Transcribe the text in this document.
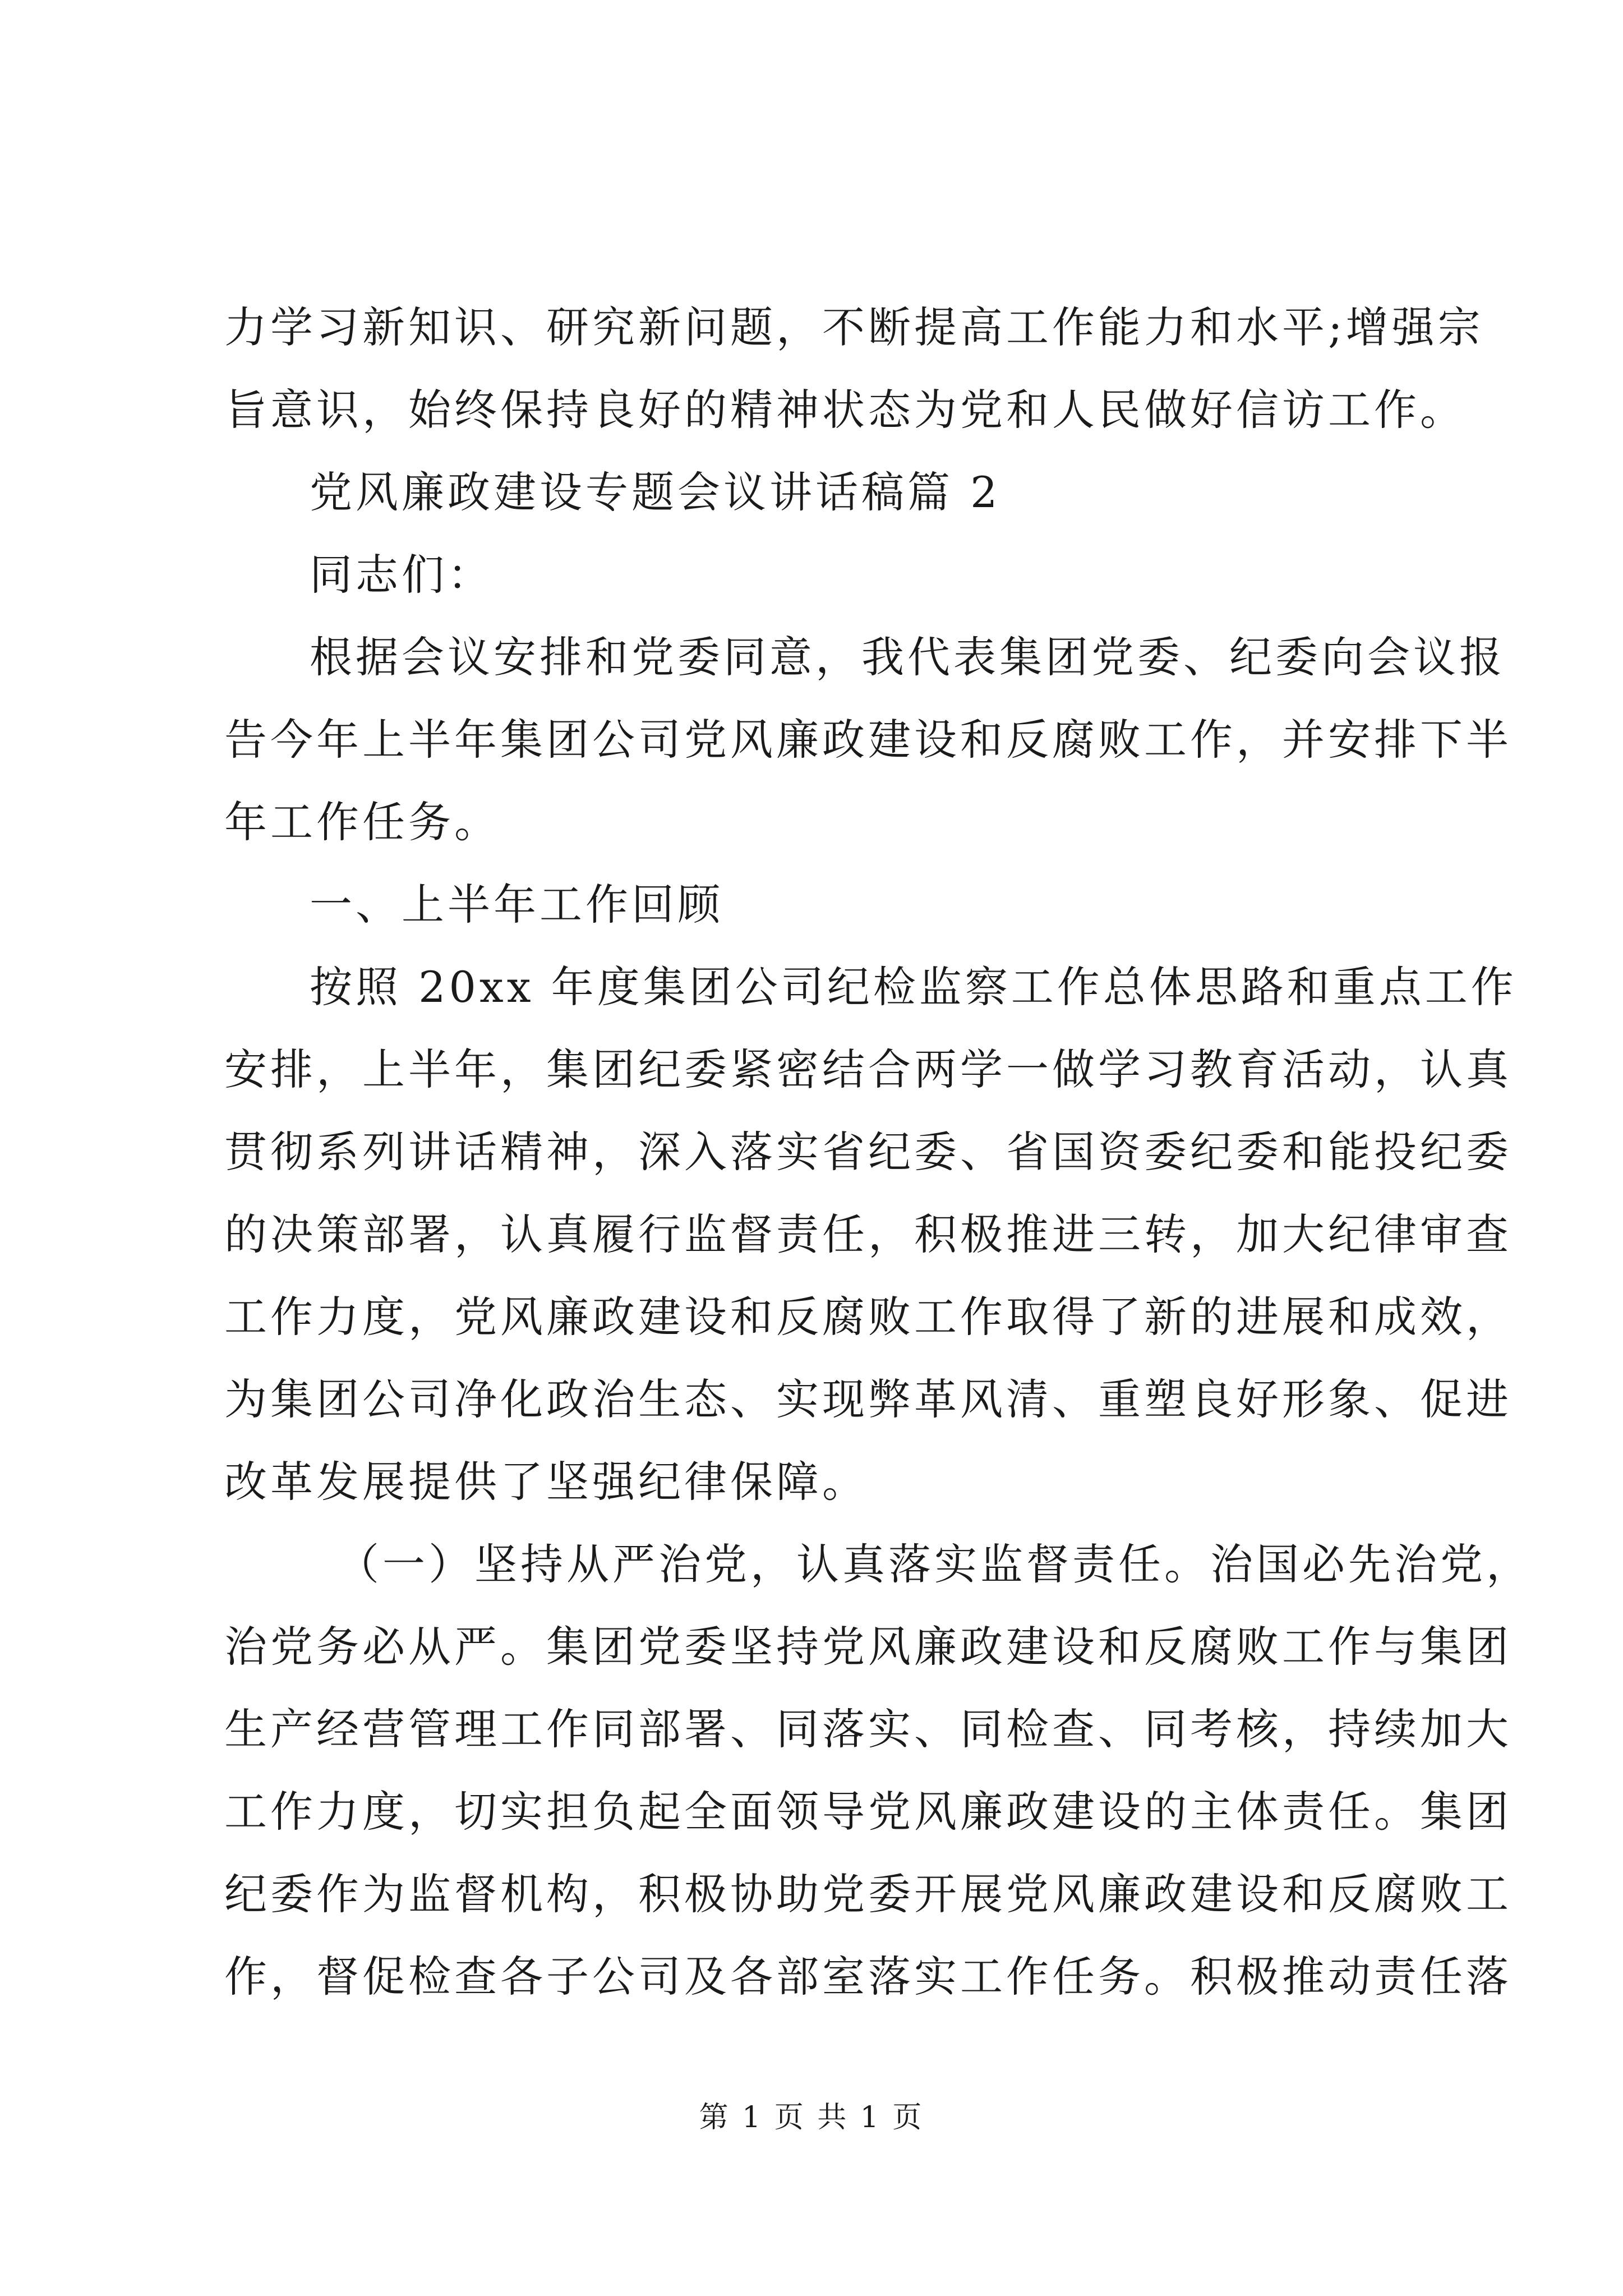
力学习新知识、研究新问题，不断提高工作能力和水平;增强宗
旨意识，始终保持良好的精神状态为党和人民做好信访工作。
党风廉政建设专题会议讲话稿篇 2
同志们：
根据会议安排和党委同意，我代表集团党委、纪委向会议报
告今年上半年集团公司党风廉政建设和反腐败工作，并安排下半
年工作任务。
一、上半年工作回顾
按照 20xx 年度集团公司纪检监察工作总体思路和重点工作
安排，上半年，集团纪委紧密结合两学一做学习教育活动，认真
贯彻系列讲话精神，深入落实省纪委、省国资委纪委和能投纪委
的决策部署，认真履行监督责任，积极推进三转，加大纪律审查
工作力度，党风廉政建设和反腐败工作取得了新的进展和成效，
为集团公司净化政治生态、实现弊革风清、重塑良好形象、促进
改革发展提供了坚强纪律保障。
（一）坚持从严治党，认真落实监督责任。治国必先治党，
治党务必从严。集团党委坚持党风廉政建设和反腐败工作与集团
生产经营管理工作同部署、同落实、同检查、同考核，持续加大
工作力度，切实担负起全面领导党风廉政建设的主体责任。集团
纪委作为监督机构，积极协助党委开展党风廉政建设和反腐败工
作，督促检查各子公司及各部室落实工作任务。积极推动责任落
第 1 页 共 1 页
